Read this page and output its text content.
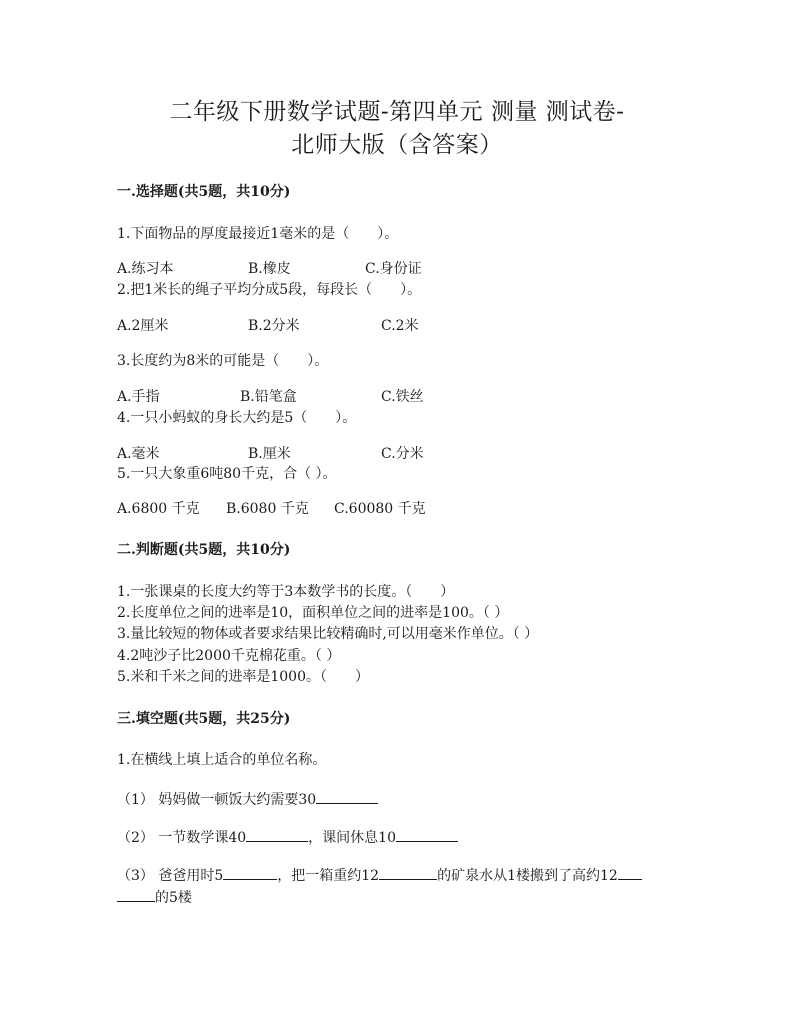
二年级下册数学试题-第四单元 测量 测试卷-
北师大版（含答案）
一.选择题(共5题，共10分)
1.下面物品的厚度最接近1毫米的是（　　）。
A.练习本	B.橡皮	C.身份证
2.把1米长的绳子平均分成5段，每段长（　　）。
A.2厘米	B.2分米	C.2米
3.长度约为8米的可能是（　　）。
A.手指	B.铅笔盒	C.铁丝
4.一只小蚂蚁的身长大约是5（　　）。
A.毫米	B.厘米	C.分米
5.一只大象重6吨80千克，合（ ）。
A.6800 千克 B.6080 千克 C.60080 千克
二.判断题(共5题，共10分)
1.一张课桌的长度大约等于3本数学书的长度。（　　）
2.长度单位之间的进率是10，面积单位之间的进率是100。（ ）
3.量比较短的物体或者要求结果比较精确时,可以用毫米作单位。（ ）
4.2吨沙子比2000千克棉花重。（ ）
5.米和千米之间的进率是1000。（　　）
三.填空题(共5题，共25分)
1.在横线上填上适合的单位名称。
（1） 妈妈做一顿饭大约需要30
（2） 一节数学课40	，课间休息10
（3） 爸爸用时5	，把一箱重约12	的矿泉水从1楼搬到了高约12
的5楼
